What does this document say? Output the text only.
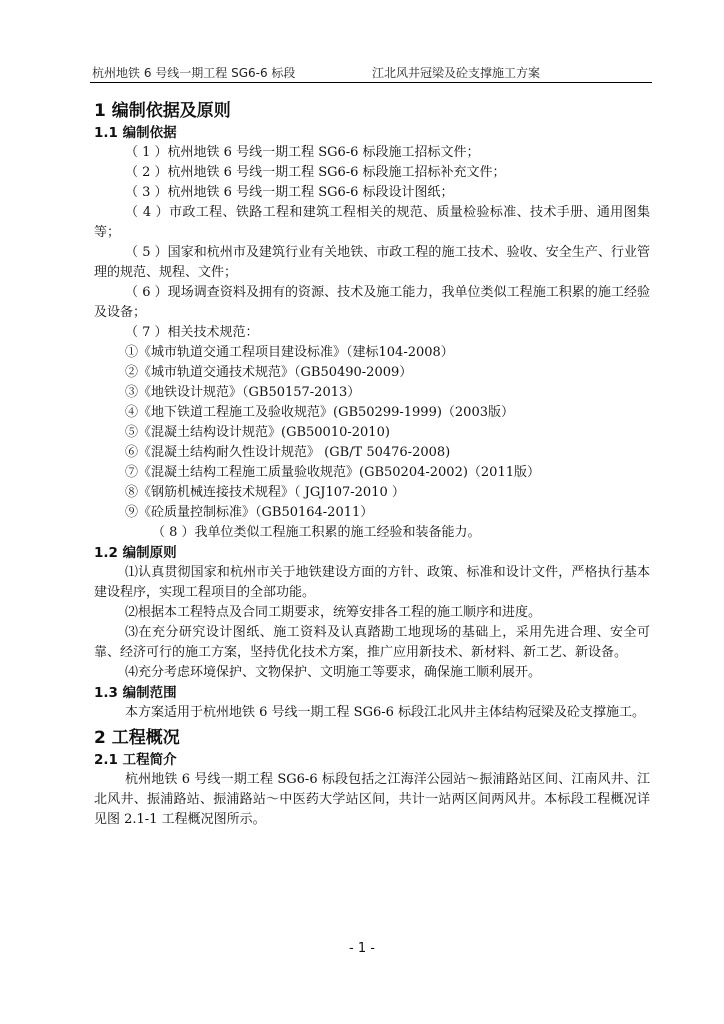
杭州地铁 6 号线一期工程 SG6-6 标段	江北风井冠梁及砼支撑施工方案
1 编制依据及原则
1.1 编制依据

（ 1 ）杭州地铁 6 号线一期工程 SG6-6 标段施工招标文件；

（ 2 ）杭州地铁 6 号线一期工程 SG6-6 标段施工招标补充文件；

（ 3 ）杭州地铁 6 号线一期工程 SG6-6 标段设计图纸；

（ 4 ）市政工程、铁路工程和建筑工程相关的规范、质量检验标准、技术手册、通用图集等；

（ 5 ）国家和杭州市及建筑行业有关地铁、市政工程的施工技术、验收、安全生产、行业管理的规范、规程、文件；

（ 6 ）现场调查资料及拥有的资源、技术及施工能力，我单位类似工程施工积累的施工经验及设备；

（ 7 ）相关技术规范：

①《城市轨道交通工程项目建设标准》（建标104-2008）

②《城市轨道交通技术规范》（GB50490-2009）

③《地铁设计规范》（GB50157-2013）

④《地下铁道工程施工及验收规范》(GB50299-1999)（2003版）

⑤《混凝土结构设计规范》(GB50010-2010)

⑥《混凝土结构耐久性设计规范》 (GB/T 50476-2008)

⑦《混凝土结构工程施工质量验收规范》(GB50204-2002)（2011版）

⑧《钢筋机械连接技术规程》（ JGJ107-2010 ）

⑨《砼质量控制标准》（GB50164-2011）

（ 8 ）我单位类似工程施工积累的施工经验和装备能力。

1.2 编制原则

⑴认真贯彻国家和杭州市关于地铁建设方面的方针、政策、标准和设计文件，严格执行基本建设程序，实现工程项目的全部功能。

⑵根据本工程特点及合同工期要求，统筹安排各工程的施工顺序和进度。

⑶在充分研究设计图纸、施工资料及认真踏勘工地现场的基础上，采用先进合理、安全可靠、经济可行的施工方案，坚持优化技术方案，推广应用新技术、新材料、新工艺、新设备。

⑷充分考虑环境保护、文物保护、文明施工等要求，确保施工顺利展开。

1.3 编制范围

本方案适用于杭州地铁 6 号线一期工程 SG6-6 标段江北风井主体结构冠梁及砼支撑施工。

2 工程概况
2.1 工程简介

杭州地铁 6 号线一期工程 SG6-6 标段包括之江海洋公园站～振浦路站区间、江南风井、江北风井、振浦路站、振浦路站～中医药大学站区间，共计一站两区间两风井。本标段工程概况详见图 2.1-1 工程概况图所示。

- 1 -
